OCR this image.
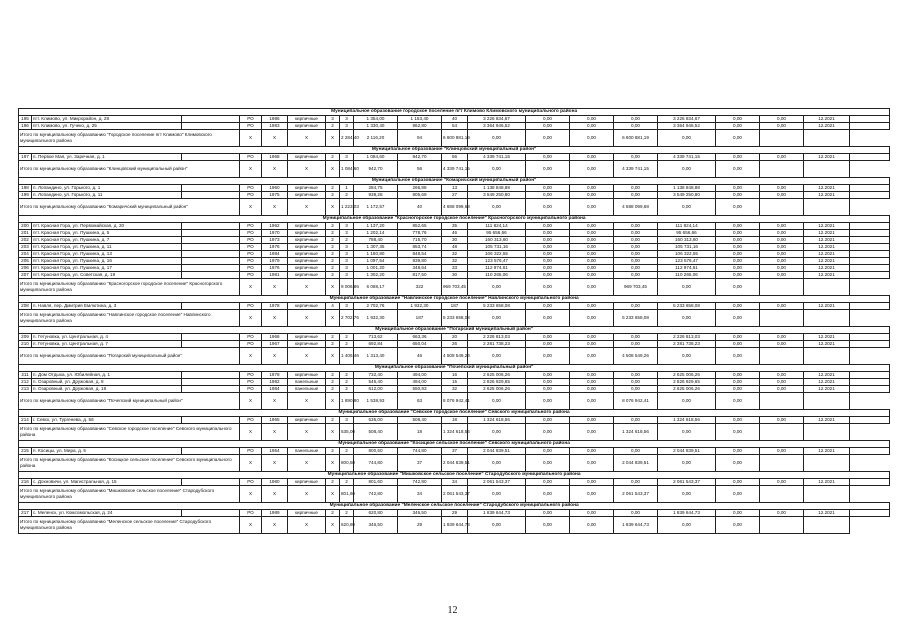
Муниципальное образование городское поселение пгт Климово Климовского муниципального района																			
195	пгт. Климово, ул. Микрорайон, д. 28		РО	1986	кирпичные	3	3	1 354,00	1 153,40	40	3 226 834,67	0,00	0,00	0,00	3 226 834,67	0,00	0,00	12.2021	
196	пгт. Климово, ул. Гучеко, д. 25		РО	1983	кирпичные	2	3	1 330,40	962,80	54	3 364 946,52	0,00	0,00	0,00	3 364 946,52	0,00	0,00	12.2021	
Итого по муниципальному образованию "Городское поселение пгт Климово" Климовского муниципального района			Х	Х	Х	Х	2 284,40	2 116,20	94	6 600 881,19	0,00	0,00	0,00	6 600 881,19	0,00	0,00			
Муниципальное образование "Клинцовский муниципальный район"																			
197	п. Первое Мая, ул. Заречная, д. 1		РО	1968	кирпичные	2	3	1 084,60	942,70	56	4 339 741,15	0,00	0,00	0,00	4 339 741,15	0,00	0,00	12.2021	
Итого по муниципальному образованию "Клинцовский муниципальный район"			Х	Х	Х	Х	1 084,60	942,70	56	4 339 741,15	0,00	0,00	0,00	4 339 741,15	0,00	0,00			
Муниципальное образование "Комаричский муниципальный район"																			
198	п. Лопандино, ул. Горького, д. 1		РО	1960	кирпичные	2	1	284,75	266,88	13	1 138 848,88	0,00	0,00	0,00	1 138 848,88	0,00	0,00	12.2021	
199	п. Лопандино, ул. Горького, д. 11		РО	1975	кирпичные	2	2	938,28	905,69	27	3 549 250,80	0,00	0,00	0,00	3 549 250,80	0,00	0,00	12.2021	
Итого по муниципальному образованию "Комаричский муниципальный район"			Х	Х	Х	Х	1 223,03	1 172,57	40	4 688 099,68	0,00	0,00	0,00	4 688 099,68	0,00	0,00			
Муниципальное образование "Красногорское городское поселение" Красногорского муниципального района																			
200	пгт. Красная Гора, ул. Первомайская, д. 20		РО	1962	кирпичные	2	3	1 137,20	852,65	35	111 824,14	0,00	0,00	0,00	111 824,14	0,00	0,00	12.2021	
201	пгт. Красная Гора, ул. Пушкина, д. 5		РО	1970	кирпичные	2	3	1 202,14	778,76	46	95 656,66	0,00	0,00	0,00	95 656,66	0,00	0,00	12.2021	
202	пгт. Красная Гора, ул. Пушкина, д. 7		РО	1973	кирпичные	2	2	788,40	715,70	30	160 313,60	0,00	0,00	0,00	160 313,60	0,00	0,00	12.2021	
203	пгт. Красная Гора, ул. Пушкина, д. 11		РО	1976	кирпичные	2	3	1 307,35	853,74	48	105 731,16	0,00	0,00	0,00	105 731,16	0,00	0,00	12.2021	
204	пгт. Красная Гора, ул. Пушкина, д. 13		РО	1984	кирпичные	2	3	1 180,80	848,54	32	106 322,55	0,00	0,00	0,00	106 322,55	0,00	0,00	12.2021	
205	пгт. Красная Гора, ул. Пушкина, д. 16		РО	1979	кирпичные	2	3	1 097,54	939,80	32	123 576,47	0,00	0,00	0,00	123 576,47	0,00	0,00	12.2021	
206	пгт. Красная Гора, ул. Пушкина, д. 17		РО	1976	кирпичные	2	3	1 001,20	348,64	33	112 974,61	0,00	0,00	0,00	112 974,61	0,00	0,00	12.2021	
207	пгт. Красная Гора, ул. Советская, д. 19		РО	1981	кирпичные	2	3	1 302,20	817,50	30	110 265,06	0,00	0,00	0,00	110 265,06	0,00	0,00	12.2021	
Итого по муниципальному образованию "Красногорское городское поселение" Красногорского муниципального района			Х	Х	Х	Х	9 006,86	6 088,17	322	969 703,45	0,00	0,00	0,00	969 703,45	0,00	0,00			
Муниципальное образование "Навлинское городское поселение" Навлинского муниципального района																			
208	п. Навля, пер. Дмитрия Емлютина, д. 3		РО	1978	кирпичные	4	3	2 702,76	1 932,30	187	5 233 658,08	0,00	0,00	0,00	5 233 658,08	0,00	0,00	12.2021	
Итого по муниципальному образованию "Навлинское городское поселение" Навлинского муниципального района			Х	Х	Х	Х	2 702,76	1 932,30	187	5 233 658,08	0,00	0,00	0,00	5 233 658,08	0,00	0,00			
Муниципальное образование "Погарский муниципальный район"																			
209	п. Гетуновка, ул. Центральная, д. 4		РО	1966	кирпичные	2	2	713,62	663,36	20	2 226 813,03	0,00	0,00	0,00	2 226 813,03	0,00	0,00	12.2021	
210	п. Гетуновка, ул. Центральная, д. 7		РО	1967	кирпичные	2	2	692,84	650,04	26	2 281 738,23	0,00	0,00	0,00	2 281 738,23	0,00	0,00	12.2021	
Итого по муниципальному образованию "Погарский муниципальный район"			Х	Х	Х	Х	1 406,46	1 313,40	46	4 508 549,26	0,00	0,00	0,00	4 508 549,26	0,00	0,00			
Муниципальное образование "Почепский муниципальный район"																			
211	п. Дом Отдыха, ул. Юбилейная, д. 1		РО	1978	кирпичные	2	2	732,40	494,00	16	2 625 006,26	0,00	0,00	0,00	2 625 006,26	0,00	0,00	12.2021	
212	п. Озаровный, ул. Дружовая, д. 8		РО	1982	панельные	2	2	545,40	494,00	15	2 826 929,65	0,00	0,00	0,00	2 826 929,65	0,00	0,00	12.2021	
213	п. Озаровный, ул. Дружовая, д. 18		РО	1984	панельные	2	2	612,00	550,93	32	2 625 006,26	0,00	0,00	0,00	2 625 006,26	0,00	0,00	12.2021	
Итого по муниципальному образованию "Почепский муниципальный район"			Х	Х	Х	Х	1 890,80	1 538,93	63	8 076 942,41	0,00	0,00	0,00	8 076 942,41	0,00	0,00			
Муниципальное образование "Севское городское поселение" Севского муниципального района																			
214	г. Севск, ул. Тургенева, д. 56		РО	1965	кирпичные	2	3	535,00	508,40	18	1 324 618,56	0,00	0,00	0,00	1 324 618,56	0,00	0,00	12.2021	
Итого по муниципальному образованию "Севское городское поселение" Севского муниципального района			Х	Х	Х	Х	535,00	508,40	18	1 324 618,56	0,00	0,00	0,00	1 324 618,56	0,00	0,00			
Муниципальное образование "Косицкое сельское поселение" Севского муниципального района																			
215	п. Косицы, ул. Мира, д. 5		РО	1964	панельные	2	2	800,50	744,80	37	2 044 839,51	0,00	0,00	0,00	2 044 839,51	0,00	0,00	12.2021	
Итого по муниципальному образованию "Косицкое сельское поселение" Севского муниципального района			Х	Х	Х	Х	800,50	744,80	37	2 044 839,51	0,00	0,00	0,00	2 044 839,51	0,00	0,00			
Муниципальное образование "Мишковское сельское поселение" Стародубского муниципального района																			
216	с. Дохновичи, ул. Магистральная, д. 15		РО	1980	кирпичные	2	2	801,60	742,80	34	2 061 543,37	0,00	0,00	0,00	2 061 543,37	0,00	0,00	12.2021	
Итого по муниципальному образованию "Мишковское сельское поселение" Стародубского муниципального района			Х	Х	Х	Х	801,60	742,80	34	2 061 543,37	0,00	0,00	0,00	2 061 543,37	0,00	0,00			
Муниципальное образование "Меленское сельское поселение" Стародубского муниципального района																			
217	с. Меленск, ул. Комсомольская, д. 24		РО	1989	кирпичные	2	2	620,80	346,50	29	1 839 644,73	0,00	0,00	0,00	1 839 644,73	0,00	0,00	12.2021	
Итого по муниципальному образованию "Меленское сельское поселение" Стародубского муниципального района			Х	Х	Х	Х	620,80	346,50	29	1 839 644,73	0,00	0,00	0,00	1 839 644,73	0,00	0,00			
12
